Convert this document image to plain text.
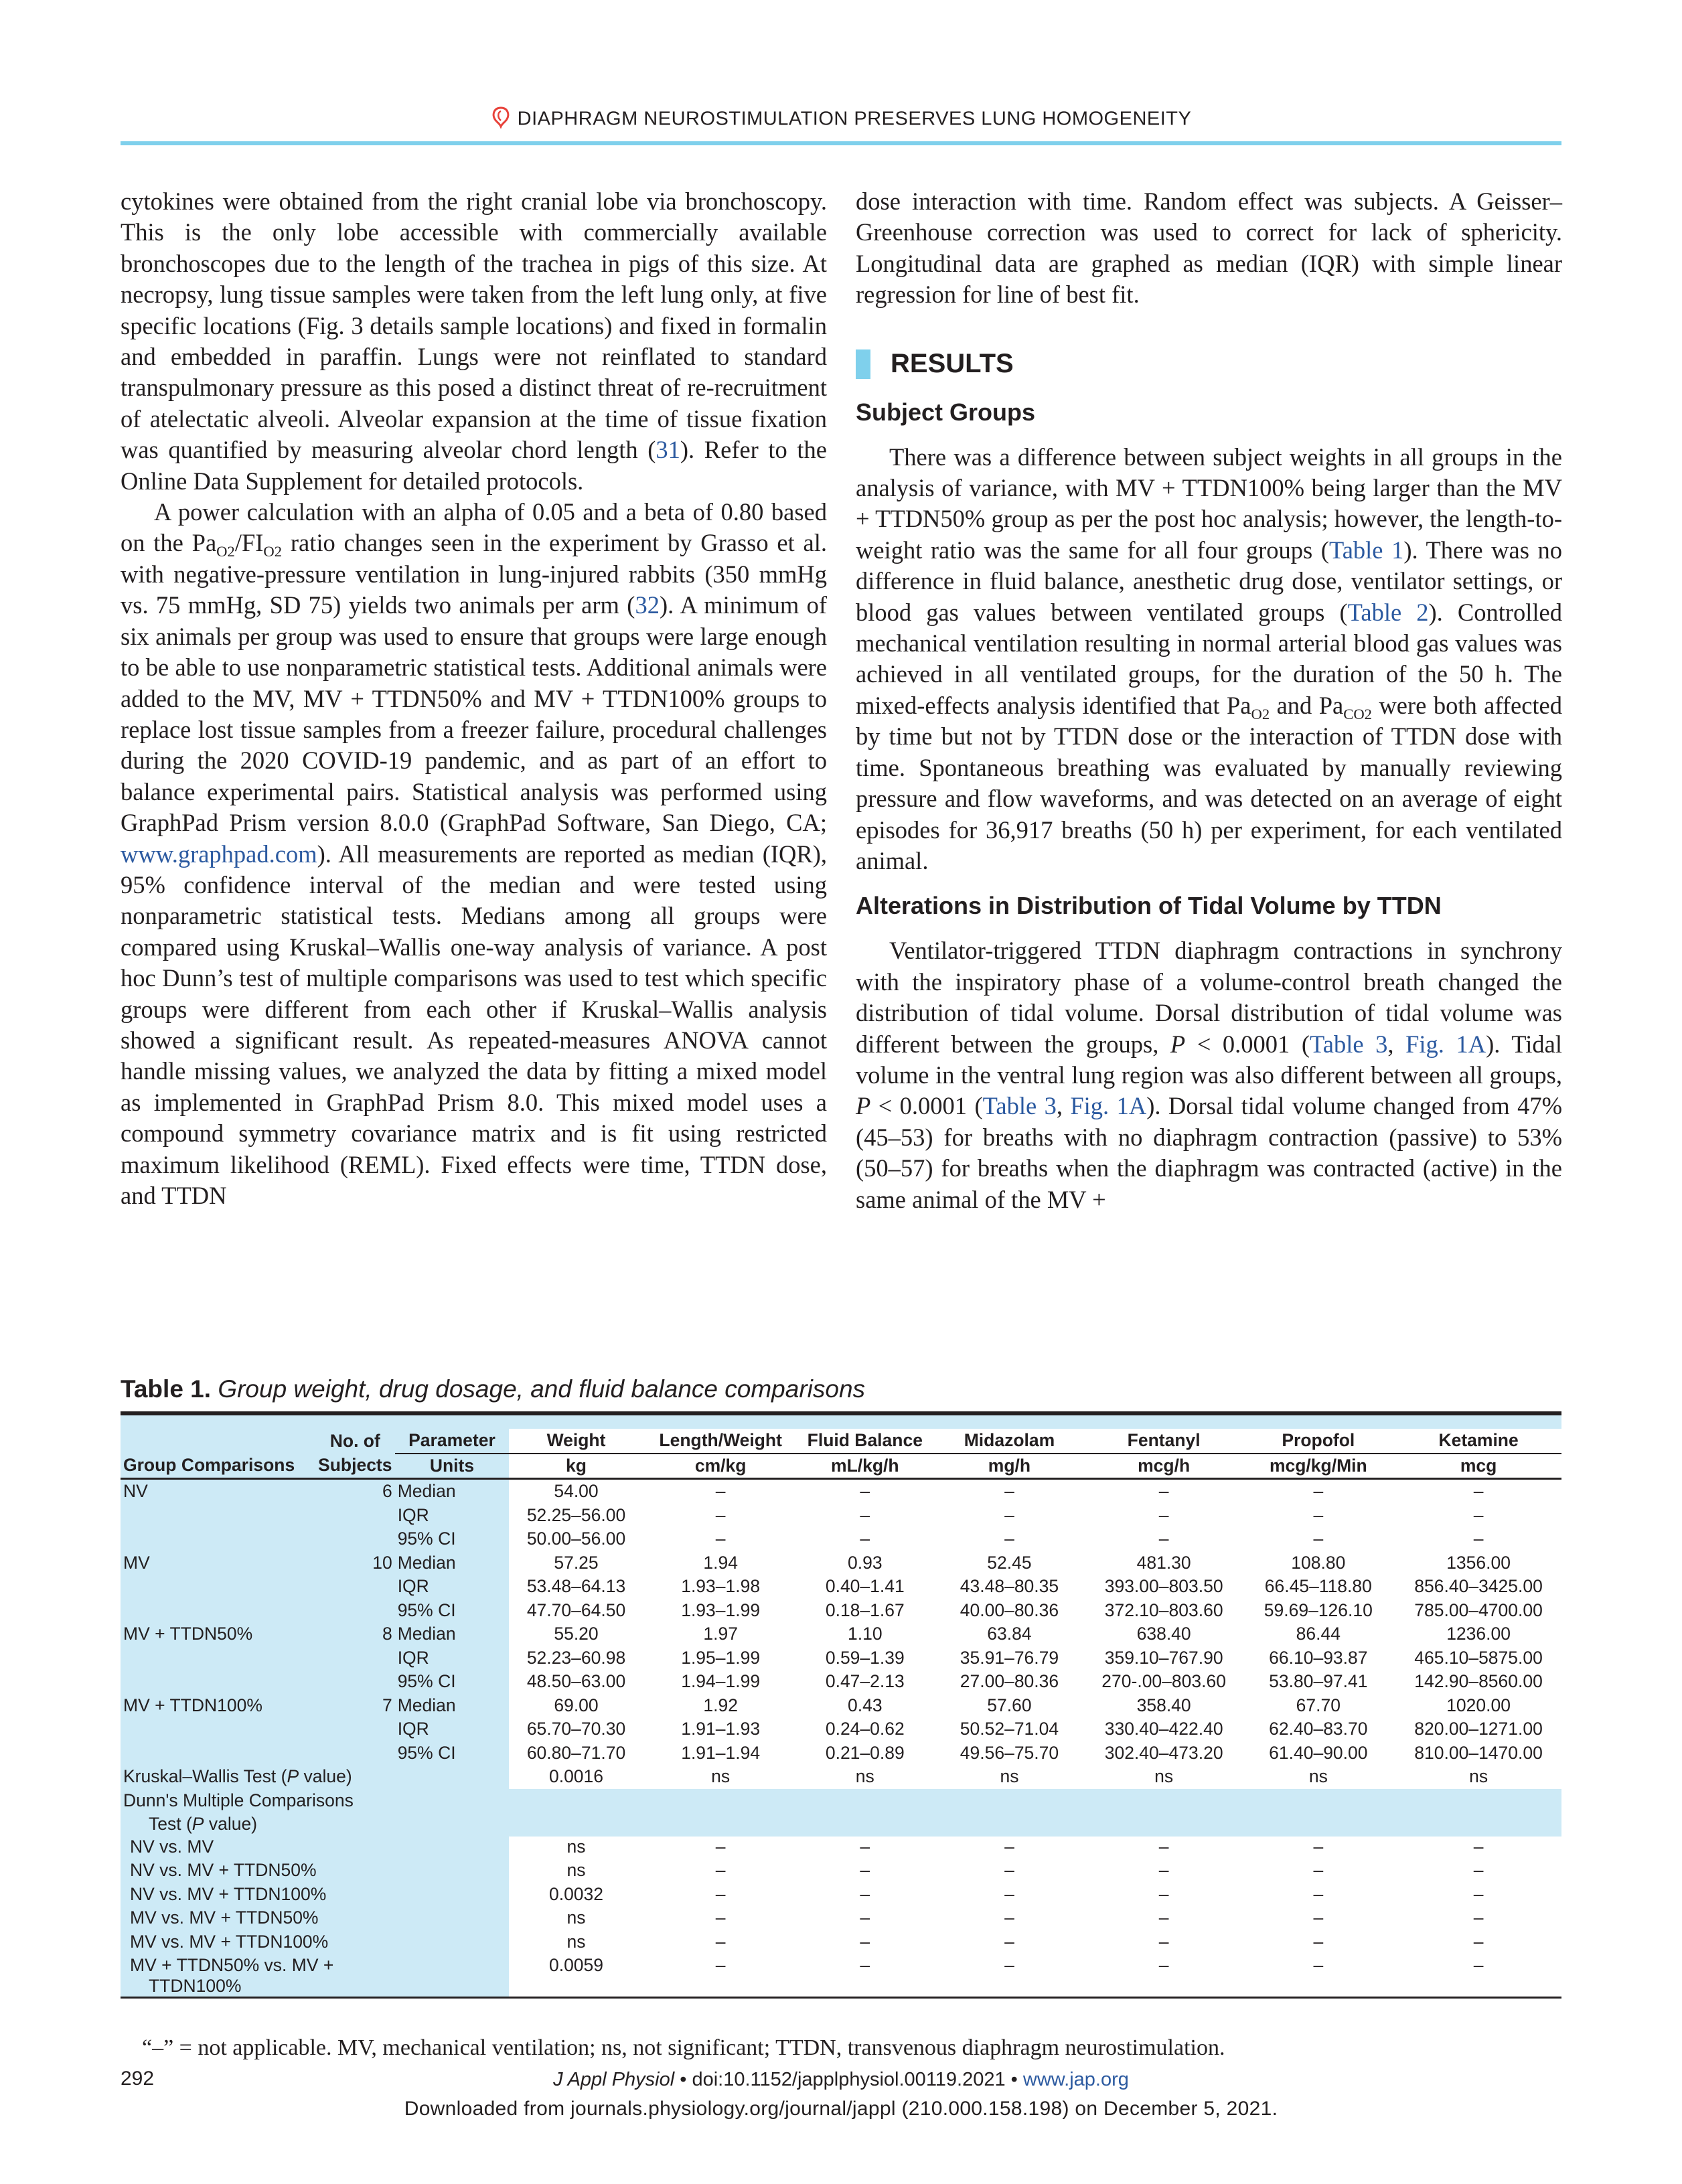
DIAPHRAGM NEUROSTIMULATION PRESERVES LUNG HOMOGENEITY

cytokines were obtained from the right cranial lobe via bronchoscopy. This is the only lobe accessible with commercially available bronchoscopes due to the length of the trachea in pigs of this size. At necropsy, lung tissue samples were taken from the left lung only, at five specific locations (Fig. 3 details sample locations) and fixed in formalin and embedded in paraffin. Lungs were not reinflated to standard transpulmonary pressure as this posed a distinct threat of re-recruitment of atelectatic alveoli. Alveolar expansion at the time of tissue fixation was quantified by measuring alveolar chord length (31). Refer to the Online Data Supplement for detailed protocols.

A power calculation with an alpha of 0.05 and a beta of 0.80 based on the $Pa_{O2}/FI_{O2}$ ratio changes seen in the experiment by Grasso et al. with negative-pressure ventilation in lung-injured rabbits (350 mmHg vs. 75 mmHg, SD 75) yields two animals per arm (32). A minimum of six animals per group was used to ensure that groups were large enough to be able to use nonparametric statistical tests. Additional animals were added to the MV, MV + TTDN50% and MV + TTDN100% groups to replace lost tissue samples from a freezer failure, procedural challenges during the 2020 COVID-19 pandemic, and as part of an effort to balance experimental pairs. Statistical analysis was performed using GraphPad Prism version 8.0.0 (GraphPad Software, San Diego, CA; www.graphpad.com). All measurements are reported as median (IQR), 95% confidence interval of the median and were tested using nonparametric statistical tests. Medians among all groups were compared using Kruskal–Wallis one-way analysis of variance. A post hoc Dunn’s test of multiple comparisons was used to test which specific groups were different from each other if Kruskal–Wallis analysis showed a significant result. As repeated-measures ANOVA cannot handle missing values, we analyzed the data by fitting a mixed model as implemented in GraphPad Prism 8.0. This mixed model uses a compound symmetry covariance matrix and is fit using restricted maximum likelihood (REML). Fixed effects were time, TTDN dose, and TTDN

dose interaction with time. Random effect was subjects. A Geisser–Greenhouse correction was used to correct for lack of sphericity. Longitudinal data are graphed as median (IQR) with simple linear regression for line of best fit.

RESULTS
Subject Groups

There was a difference between subject weights in all groups in the analysis of variance, with MV + TTDN100% being larger than the MV + TTDN50% group as per the post hoc analysis; however, the length-to-weight ratio was the same for all four groups (Table 1). There was no difference in fluid balance, anesthetic drug dose, ventilator settings, or blood gas values between ventilated groups (Table 2). Controlled mechanical ventilation resulting in normal arterial blood gas values was achieved in all ventilated groups, for the duration of the 50 h. The mixed-effects analysis identified that $Pa_{O2}$ and $Pa_{CO2}$ were both affected by time but not by TTDN dose or the interaction of TTDN dose with time. Spontaneous breathing was evaluated by manually reviewing pressure and flow waveforms, and was detected on an average of eight episodes for 36,917 breaths (50 h) per experiment, for each ventilated animal.

Alterations in Distribution of Tidal Volume by TTDN

Ventilator-triggered TTDN diaphragm contractions in synchrony with the inspiratory phase of a volume-control breath changed the distribution of tidal volume. Dorsal distribution of tidal volume was different between the groups, P < 0.0001 (Table 3, Fig. 1A). Tidal volume in the ventral lung region was also different between all groups, P < 0.0001 (Table 3, Fig. 1A). Dorsal tidal volume changed from 47% (45–53) for breaths with no diaphragm contraction (passive) to 53% (50–57) for breaths when the diaphragm was contracted (active) in the same animal of the MV +

Table 1. Group weight, drug dosage, and fluid balance comparisons

	No. of	Parameter	Weight	Length/Weight	Fluid Balance	Midazolam	Fentanyl	Propofol	Ketamine
Group Comparisons	Subjects	Units	kg	cm/kg	mL/kg/h	mg/h	mcg/h	mcg/kg/Min	mcg
NV	6	Median	54.00	–	–	–	–	–	–
		IQR	52.25–56.00	–	–	–	–	–	–
		95% CI	50.00–56.00	–	–	–	–	–	–
MV	10	Median	57.25	1.94	0.93	52.45	481.30	108.80	1356.00
		IQR	53.48–64.13	1.93–1.98	0.40–1.41	43.48–80.35	393.00–803.50	66.45–118.80	856.40–3425.00
		95% CI	47.70–64.50	1.93–1.99	0.18–1.67	40.00–80.36	372.10–803.60	59.69–126.10	785.00–4700.00
MV + TTDN50%	8	Median	55.20	1.97	1.10	63.84	638.40	86.44	1236.00
		IQR	52.23–60.98	1.95–1.99	0.59–1.39	35.91–76.79	359.10–767.90	66.10–93.87	465.10–5875.00
		95% CI	48.50–63.00	1.94–1.99	0.47–2.13	27.00–80.36	270-.00–803.60	53.80–97.41	142.90–8560.00
MV + TTDN100%	7	Median	69.00	1.92	0.43	57.60	358.40	67.70	1020.00
		IQR	65.70–70.30	1.91–1.93	0.24–0.62	50.52–71.04	330.40–422.40	62.40–83.70	820.00–1271.00
		95% CI	60.80–71.70	1.91–1.94	0.21–0.89	49.56–75.70	302.40–473.20	61.40–90.00	810.00–1470.00
Kruskal–Wallis Test (P value)			0.0016	ns	ns	ns	ns	ns	ns
Dunn's Multiple Comparisons									
Test (P value)									
NV vs. MV			ns	–	–	–	–	–	–
NV vs. MV + TTDN50%			ns	–	–	–	–	–	–
NV vs. MV + TTDN100%			0.0032	–	–	–	–	–	–
MV vs. MV + TTDN50%			ns	–	–	–	–	–	–
MV vs. MV + TTDN100%			ns	–	–	–	–	–	–
MV + TTDN50% vs. MV +
TTDN100%			0.0059	–	–	–	–	–	–
“–” = not applicable. MV, mechanical ventilation; ns, not significant; TTDN, transvenous diaphragm neurostimulation.
292	J Appl Physiol • doi:10.1152/japplphysiol.00119.2021 • www.jap.org
Downloaded from journals.physiology.org/journal/jappl (210.000.158.198) on December 5, 2021.
